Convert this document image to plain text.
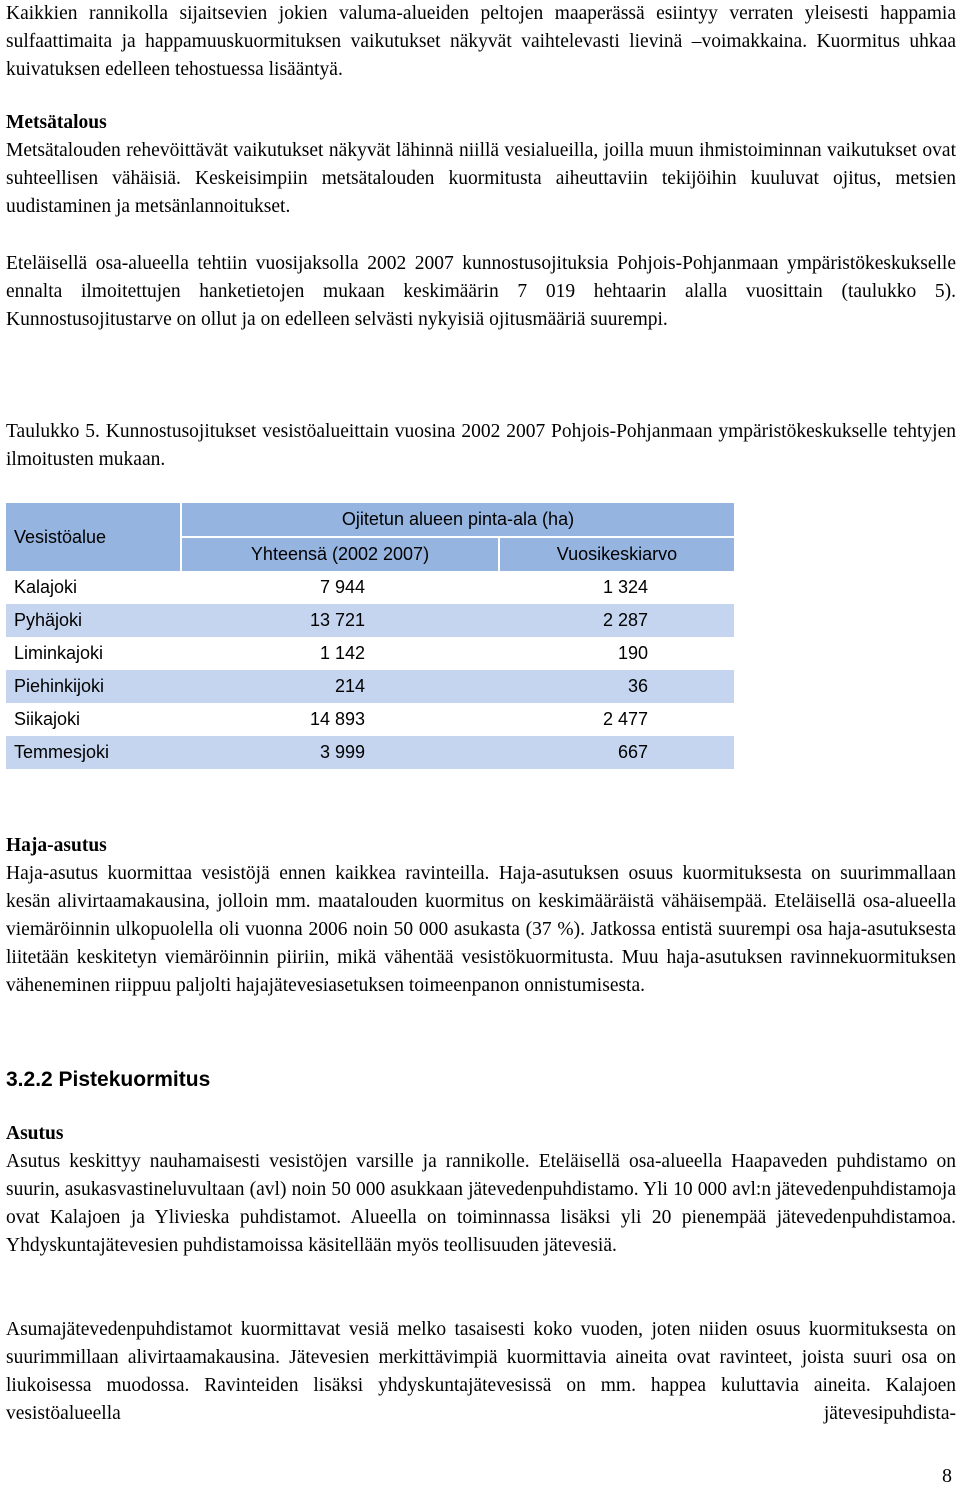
Kaikkien rannikolla sijaitsevien jokien valuma-alueiden peltojen maaperässä esiintyy verraten yleisesti happamia sulfaattimaita ja happamuuskuormituksen vaikutukset näkyvät vaihtelevasti lievinä –voimakkaina. Kuormitus uhkaa kuivatuksen edelleen tehostuessa lisääntyä.

Metsätalous

Metsätalouden rehevöittävät vaikutukset näkyvät lähinnä niillä vesialueilla, joilla muun ihmistoiminnan vaikutukset ovat suhteellisen vähäisiä. Keskeisimpiin metsätalouden kuormitusta aiheuttaviin tekijöihin kuuluvat ojitus, metsien uudistaminen ja metsänlannoitukset.

Eteläisellä osa-alueella tehtiin vuosijaksolla 2002 2007 kunnostusojituksia Pohjois-Pohjanmaan ympäristökeskukselle ennalta ilmoitettujen hanketietojen mukaan keskimäärin 7 019 hehtaarin alalla vuosittain (taulukko 5). Kunnostusojitustarve on ollut ja on edelleen selvästi nykyisiä ojitusmääriä suurempi.

Taulukko 5. Kunnostusojitukset vesistöalueittain vuosina 2002 2007 Pohjois-Pohjanmaan ympäristökeskukselle tehtyjen ilmoitusten mukaan.

Vesistöalue	Ojitetun alueen pinta-ala (ha)	
	Yhteensä (2002 2007)	Vuosikeskiarvo
Kalajoki	7 944	1 324
Pyhäjoki	13 721	2 287
Liminkajoki	1 142	190
Piehinkijoki	214	36
Siikajoki	14 893	2 477
Temmesjoki	3 999	667
Haja-asutus

Haja-asutus kuormittaa vesistöjä ennen kaikkea ravinteilla. Haja-asutuksen osuus kuormituksesta on suurimmallaan kesän alivirtaamakausina, jolloin mm. maatalouden kuormitus on keskimääräistä vähäisempää. Eteläisellä osa-alueella viemäröinnin ulkopuolella oli vuonna 2006 noin 50 000 asukasta (37 %). Jatkossa entistä suurempi osa haja-asutuksesta liitetään keskitetyn viemäröinnin piiriin, mikä vähentää vesistökuormitusta. Muu haja-asutuksen ravinnekuormituksen väheneminen riippuu paljolti hajajätevesiasetuksen toimeenpanon onnistumisesta.

3.2.2 Pistekuormitus
Asutus

Asutus keskittyy nauhamaisesti vesistöjen varsille ja rannikolle. Eteläisellä osa-alueella Haapaveden puhdistamo on suurin, asukasvastineluvultaan (avl) noin 50 000 asukkaan jätevedenpuhdistamo. Yli 10 000 avl:n jätevedenpuhdistamoja ovat Kalajoen ja Ylivieska puhdistamot. Alueella on toiminnassa lisäksi yli 20 pienempää jätevedenpuhdistamoa. Yhdyskuntajätevesien puhdistamoissa käsitellään myös teollisuuden jätevesiä.

Asumajätevedenpuhdistamot kuormittavat vesiä melko tasaisesti koko vuoden, joten niiden osuus kuormituksesta on suurimmillaan alivirtaamakausina. Jätevesien merkittävimpiä kuormittavia aineita ovat ravinteet, joista suuri osa on liukoisessa muodossa. Ravinteiden lisäksi yhdyskuntajätevesissä on mm. happea kuluttavia aineita. Kalajoen vesistöalueella jätevesipuhdista-

8
